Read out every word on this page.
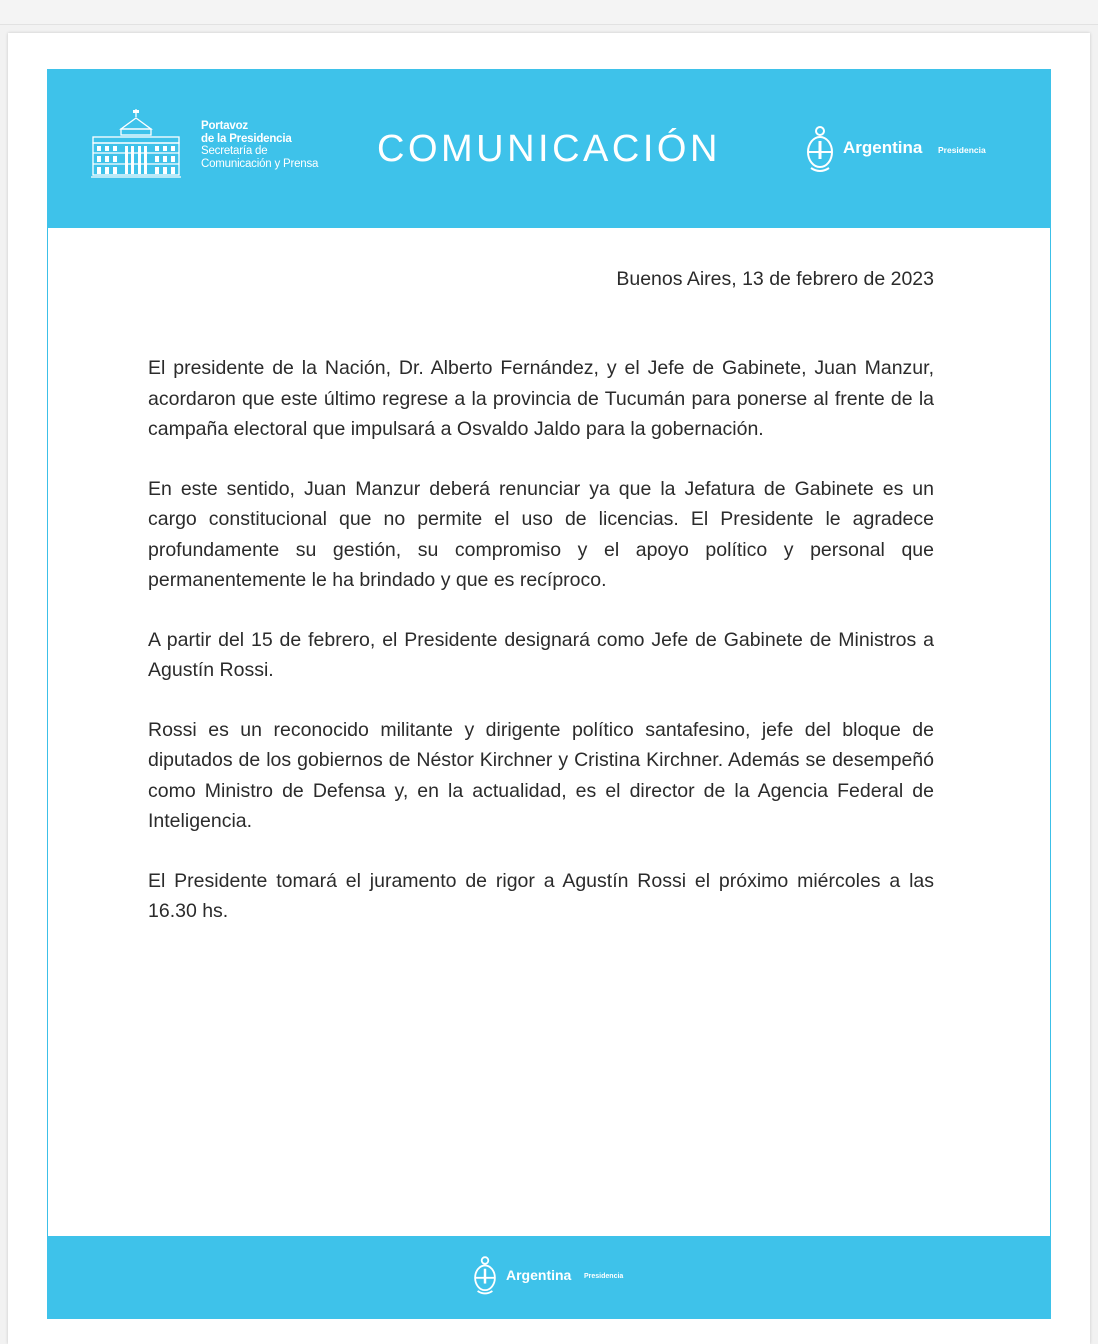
Portavoz
de la Presidencia
Secretaría de
Comunicación y Prensa COMUNICACIÓN	Argentina Presidencia
Buenos Aires, 13 de febrero de 2023

El presidente de la Nación, Dr. Alberto Fernández, y el Jefe de Gabinete, Juan Manzur, acordaron que este último regrese a la provincia de Tucumán para ponerse al frente de la campaña electoral que impulsará a Osvaldo Jaldo para la gobernación.

En este sentido, Juan Manzur deberá renunciar ya que la Jefatura de Gabinete es un cargo constitucional que no permite el uso de licencias. El Presidente le agradece profundamente su gestión, su compromiso y el apoyo político y personal que permanentemente le ha brindado y que es recíproco.

A partir del 15 de febrero, el Presidente designará como Jefe de Gabinete de Ministros a Agustín Rossi.

Rossi es un reconocido militante y dirigente político santafesino, jefe del bloque de diputados de los gobiernos de Néstor Kirchner y Cristina Kirchner. Además se desempeñó como Ministro de Defensa y, en la actualidad, es el director de la Agencia Federal de Inteligencia.

El Presidente tomará el juramento de rigor a Agustín Rossi el próximo miércoles a las 16.30 hs.

Argentina Presidencia
